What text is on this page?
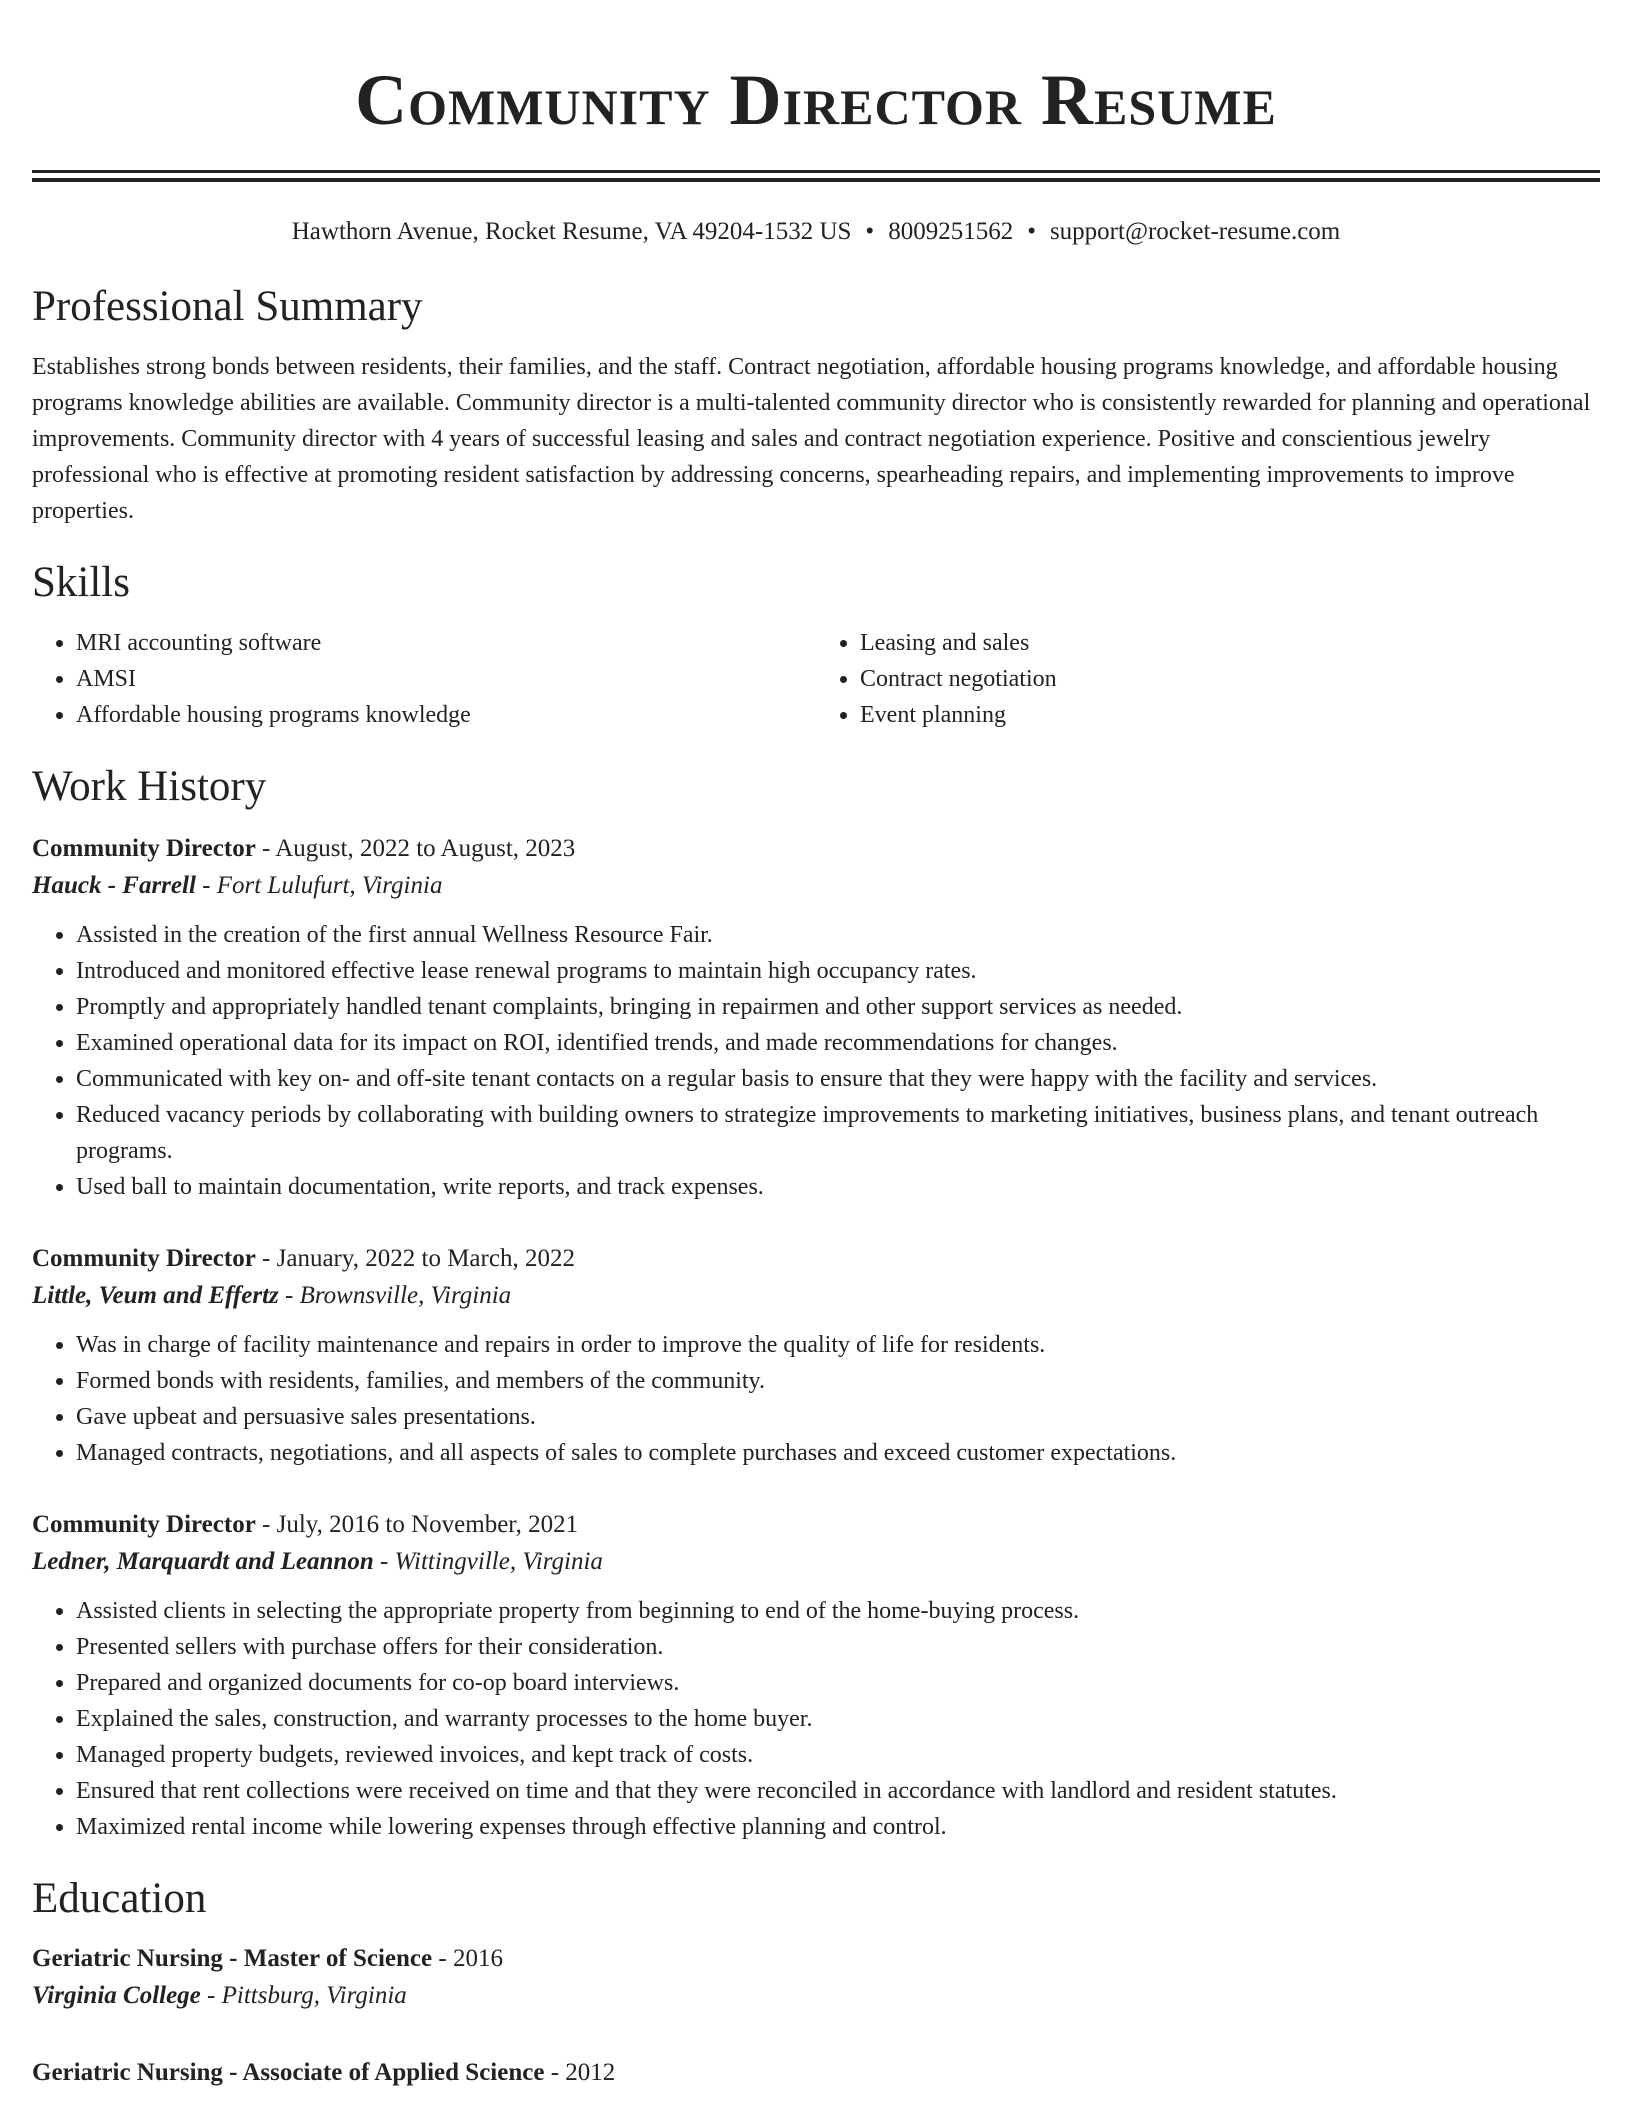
Community Director Resume
Hawthorn Avenue, Rocket Resume, VA 49204-1532 US • 8009251562 • support@rocket-resume.com
Professional Summary

Establishes strong bonds between residents, their families, and the staff. Contract negotiation, affordable housing programs knowledge, and affordable housing programs knowledge abilities are available. Community director is a multi-talented community director who is consistently rewarded for planning and operational improvements. Community director with 4 years of successful leasing and sales and contract negotiation experience. Positive and conscientious jewelry professional who is effective at promoting resident satisfaction by addressing concerns, spearheading repairs, and implementing improvements to improve properties.

Skills
• MRI accounting software
• AMSI
• Affordable housing programs knowledge
• Leasing and sales
• Contract negotiation
• Event planning
Work History
Community Director - August, 2022 to August, 2023
Hauck - Farrell - Fort Lulufurt, Virginia
• Assisted in the creation of the first annual Wellness Resource Fair.
• Introduced and monitored effective lease renewal programs to maintain high occupancy rates.
• Promptly and appropriately handled tenant complaints, bringing in repairmen and other support services as needed.
• Examined operational data for its impact on ROI, identified trends, and made recommendations for changes.
• Communicated with key on- and off-site tenant contacts on a regular basis to ensure that they were happy with the facility and services.
• Reduced vacancy periods by collaborating with building owners to strategize improvements to marketing initiatives, business plans, and tenant outreach programs.
• Used ball to maintain documentation, write reports, and track expenses.
Community Director - January, 2022 to March, 2022
Little, Veum and Effertz - Brownsville, Virginia
• Was in charge of facility maintenance and repairs in order to improve the quality of life for residents.
• Formed bonds with residents, families, and members of the community.
• Gave upbeat and persuasive sales presentations.
• Managed contracts, negotiations, and all aspects of sales to complete purchases and exceed customer expectations.
Community Director - July, 2016 to November, 2021
Ledner, Marquardt and Leannon - Wittingville, Virginia
• Assisted clients in selecting the appropriate property from beginning to end of the home-buying process.
• Presented sellers with purchase offers for their consideration.
• Prepared and organized documents for co-op board interviews.
• Explained the sales, construction, and warranty processes to the home buyer.
• Managed property budgets, reviewed invoices, and kept track of costs.
• Ensured that rent collections were received on time and that they were reconciled in accordance with landlord and resident statutes.
• Maximized rental income while lowering expenses through effective planning and control.
Education
Geriatric Nursing - Master of Science - 2016
Virginia College - Pittsburg, Virginia
Geriatric Nursing - Associate of Applied Science - 2012
